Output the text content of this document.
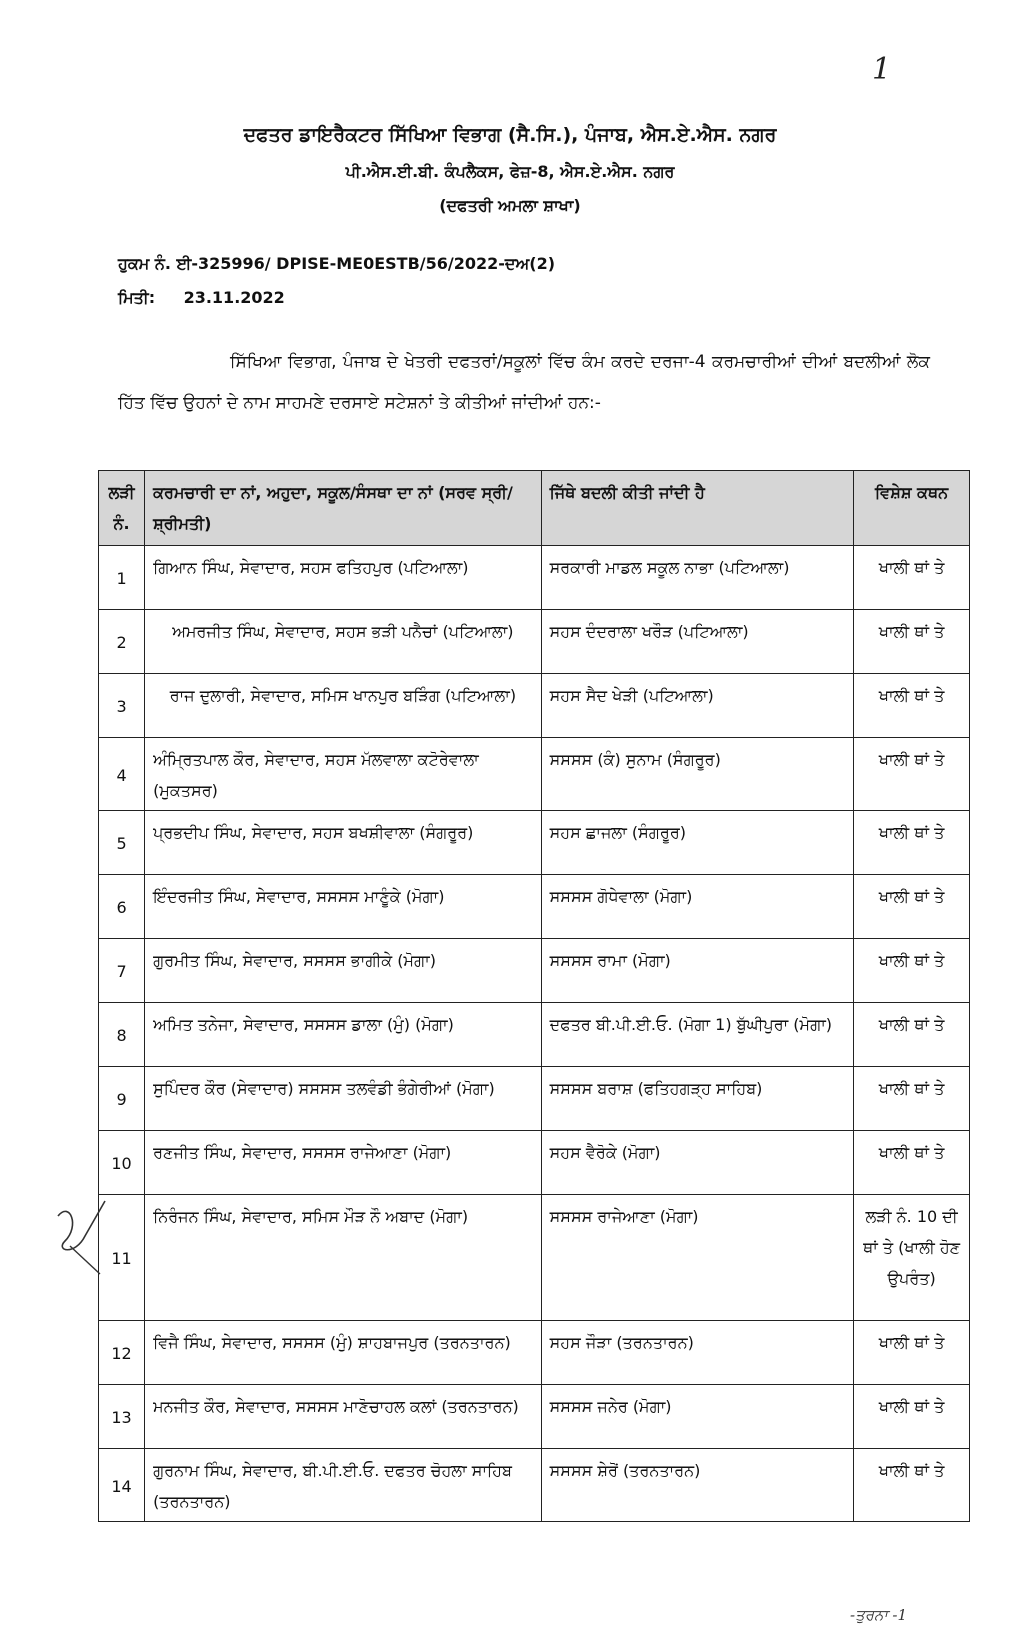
1
ਦਫਤਰ ਡਾਇਰੈਕਟਰ ਸਿੱਖਿਆ ਵਿਭਾਗ (ਸੈ.ਸਿ.), ਪੰਜਾਬ, ਐਸ.ਏ.ਐਸ. ਨਗਰ
ਪੀ.ਐਸ.ਈ.ਬੀ. ਕੰਪਲੈਕਸ, ਫੇਜ਼-8, ਐਸ.ਏ.ਐਸ. ਨਗਰ
(ਦਫਤਰੀ ਅਮਲਾ ਸ਼ਾਖਾ)
ਹੁਕਮ ਨੰ. ਈ-325996/ DPISE-ME0ESTB/56/2022-ਦਅ(2)
ਮਿਤੀ: 23.11.2022
ਸਿੱਖਿਆ ਵਿਭਾਗ, ਪੰਜਾਬ ਦੇ ਖੇਤਰੀ ਦਫਤਰਾਂ/ਸਕੂਲਾਂ ਵਿੱਚ ਕੰਮ ਕਰਦੇ ਦਰਜਾ-4 ਕਰਮਚਾਰੀਆਂ ਦੀਆਂ ਬਦਲੀਆਂ ਲੋਕ ਹਿੱਤ ਵਿੱਚ ਉਹਨਾਂ ਦੇ ਨਾਮ ਸਾਹਮਣੇ ਦਰਸਾਏ ਸਟੇਸ਼ਨਾਂ ਤੇ ਕੀਤੀਆਂ ਜਾਂਦੀਆਂ ਹਨ:-
ਲੜੀ ਨੰ.	ਕਰਮਚਾਰੀ ਦਾ ਨਾਂ, ਅਹੁਦਾ, ਸਕੂਲ/ਸੰਸਥਾ ਦਾ ਨਾਂ (ਸਰਵ ਸ੍ਰੀ/ਸ਼੍ਰੀਮਤੀ)	ਜਿੱਥੇ ਬਦਲੀ ਕੀਤੀ ਜਾਂਦੀ ਹੈ	ਵਿਸ਼ੇਸ਼ ਕਥਨ
1	ਗਿਆਨ ਸਿੰਘ, ਸੇਵਾਦਾਰ, ਸਹਸ ਫਤਿਹਪੁਰ (ਪਟਿਆਲਾ)	ਸਰਕਾਰੀ ਮਾਡਲ ਸਕੂਲ ਨਾਭਾ (ਪਟਿਆਲਾ)	ਖਾਲੀ ਥਾਂ ਤੇ
2	ਅਮਰਜੀਤ ਸਿੰਘ, ਸੇਵਾਦਾਰ, ਸਹਸ ਭੜੀ ਪਨੈਚਾਂ (ਪਟਿਆਲਾ)	ਸਹਸ ਦੰਦਰਾਲਾ ਖਰੌੜ (ਪਟਿਆਲਾ)	ਖਾਲੀ ਥਾਂ ਤੇ
3	ਰਾਜ ਦੁਲਾਰੀ, ਸੇਵਾਦਾਰ, ਸਮਿਸ ਖਾਨਪੁਰ ਬੜਿੰਗ (ਪਟਿਆਲਾ)	ਸਹਸ ਸੈਦ ਖੇੜੀ (ਪਟਿਆਲਾ)	ਖਾਲੀ ਥਾਂ ਤੇ
4	ਅੰਮ੍ਰਿਤਪਾਲ ਕੌਰ, ਸੇਵਾਦਾਰ, ਸਹਸ ਮੱਲਵਾਲਾ ਕਟੋਰੇਵਾਲਾ (ਮੁਕਤਸਰ)	ਸਸਸਸ (ਕੰ) ਸੁਨਾਮ (ਸੰਗਰੂਰ)	ਖਾਲੀ ਥਾਂ ਤੇ
5	ਪ੍ਰਭਦੀਪ ਸਿੰਘ, ਸੇਵਾਦਾਰ, ਸਹਸ ਬਖਸ਼ੀਵਾਲਾ (ਸੰਗਰੂਰ)	ਸਹਸ ਛਾਜਲਾ (ਸੰਗਰੂਰ)	ਖਾਲੀ ਥਾਂ ਤੇ
6	ਇੰਦਰਜੀਤ ਸਿੰਘ, ਸੇਵਾਦਾਰ, ਸਸਸਸ ਮਾਣੂੰਕੇ (ਮੋਗਾ)	ਸਸਸਸ ਗੋਧੇਵਾਲਾ (ਮੋਗਾ)	ਖਾਲੀ ਥਾਂ ਤੇ
7	ਗੁਰਮੀਤ ਸਿੰਘ, ਸੇਵਾਦਾਰ, ਸਸਸਸ ਭਾਗੀਕੇ (ਮੋਗਾ)	ਸਸਸਸ ਰਾਮਾ (ਮੋਗਾ)	ਖਾਲੀ ਥਾਂ ਤੇ
8	ਅਮਿਤ ਤਨੇਜਾ, ਸੇਵਾਦਾਰ, ਸਸਸਸ ਡਾਲਾ (ਮੁੰ) (ਮੋਗਾ)	ਦਫਤਰ ਬੀ.ਪੀ.ਈ.ਓ. (ਮੋਗਾ 1) ਬੁੱਘੀਪੁਰਾ (ਮੋਗਾ)	ਖਾਲੀ ਥਾਂ ਤੇ
9	ਸੁਪਿੰਦਰ ਕੌਰ (ਸੇਵਾਦਾਰ) ਸਸਸਸ ਤਲਵੰਡੀ ਭੰਗੇਰੀਆਂ (ਮੋਗਾ)	ਸਸਸਸ ਬਰਾਸ਼ (ਫਤਿਹਗੜ੍ਹ ਸਾਹਿਬ)	ਖਾਲੀ ਥਾਂ ਤੇ
10	ਰਣਜੀਤ ਸਿੰਘ, ਸੇਵਾਦਾਰ, ਸਸਸਸ ਰਾਜੇਆਣਾ (ਮੋਗਾ)	ਸਹਸ ਵੈਰੋਕੇ (ਮੋਗਾ)	ਖਾਲੀ ਥਾਂ ਤੇ
11	ਨਿਰੰਜਨ ਸਿੰਘ, ਸੇਵਾਦਾਰ, ਸਮਿਸ ਮੌੜ ਨੌ ਅਬਾਦ (ਮੋਗਾ)	ਸਸਸਸ ਰਾਜੇਆਣਾ (ਮੋਗਾ)	ਲੜੀ ਨੰ. 10 ਦੀ ਥਾਂ ਤੇ (ਖਾਲੀ ਹੋਣ ਉਪਰੰਤ)
12	ਵਿਜੈ ਸਿੰਘ, ਸੇਵਾਦਾਰ, ਸਸਸਸ (ਮੁੰ) ਸ਼ਾਹਬਾਜਪੁਰ (ਤਰਨਤਾਰਨ)	ਸਹਸ ਜੌੜਾ (ਤਰਨਤਾਰਨ)	ਖਾਲੀ ਥਾਂ ਤੇ
13	ਮਨਜੀਤ ਕੌਰ, ਸੇਵਾਦਾਰ, ਸਸਸਸ ਮਾਣੋਚਾਹਲ ਕਲਾਂ (ਤਰਨਤਾਰਨ)	ਸਸਸਸ ਜਨੇਰ (ਮੋਗਾ)	ਖਾਲੀ ਥਾਂ ਤੇ
14	ਗੁਰਨਾਮ ਸਿੰਘ, ਸੇਵਾਦਾਰ, ਬੀ.ਪੀ.ਈ.ਓ. ਦਫਤਰ ਚੋਹਲਾ ਸਾਹਿਬ (ਤਰਨਤਾਰਨ)	ਸਸਸਸ ਸ਼ੇਰੋਂ (ਤਰਨਤਾਰਨ)	ਖਾਲੀ ਥਾਂ ਤੇ
-ਤੁਰਨਾ -1
